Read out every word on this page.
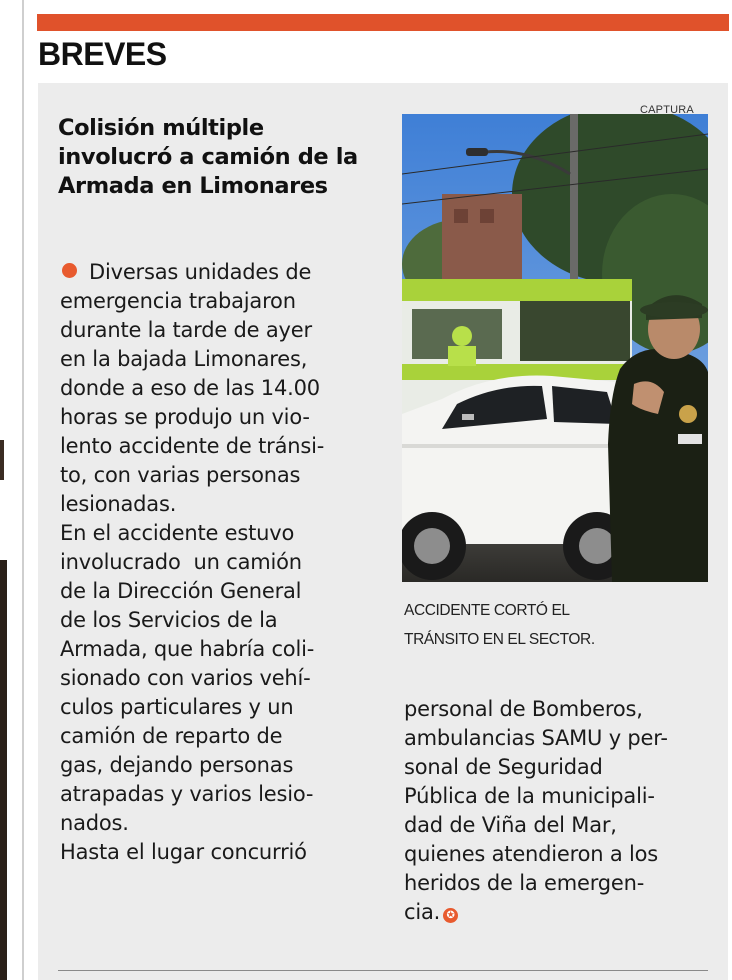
BREVES
Colisión múltiple
involucró a camión de la
Armada en Limonares
Diversas unidades de
emergencia trabajaron
durante la tarde de ayer
en la bajada Limonares,
donde a eso de las 14.00
horas se produjo un vio-
lento accidente de tránsi-
to, con varias personas
lesionadas.
En el accidente estuvo
involucrado  un camión
de la Dirección General
de los Servicios de la
Armada, que habría coli-
sionado con varios vehí-
culos particulares y un
camión de reparto de
gas, dejando personas
atrapadas y varios lesio-
nados.
Hasta el lugar concurrió
CAPTURA
ACCIDENTE CORTÓ EL
TRÁNSITO EN EL SECTOR.
personal de Bomberos,
ambulancias SAMU y per-
sonal de Seguridad
Pública de la municipali-
dad de Viña del Mar,
quienes atendieron a los
heridos de la emergen-
cia. ✪
